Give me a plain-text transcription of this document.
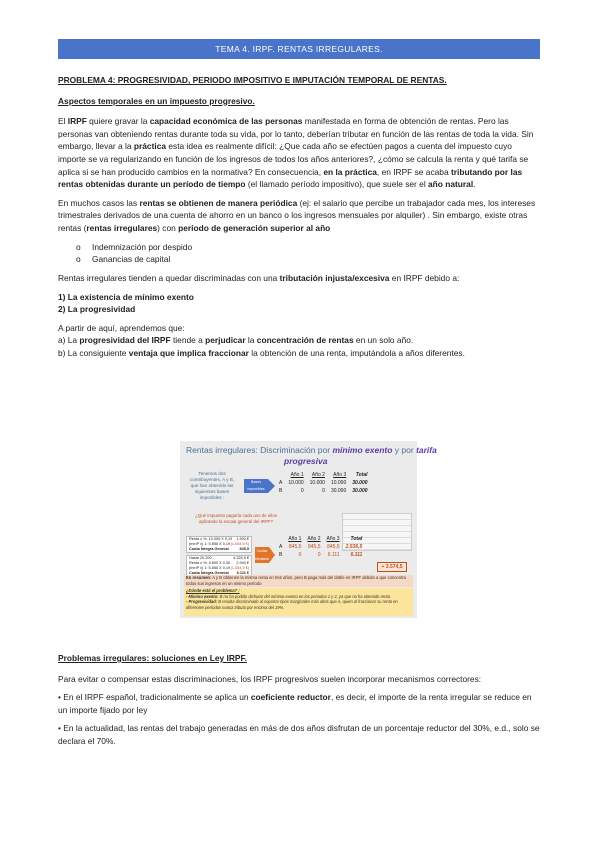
TEMA 4. IRPF. RENTAS IRREGULARES.

PROBLEMA 4: PROGRESIVIDAD, PERIODO IMPOSITIVO E IMPUTACIÓN TEMPORAL DE RENTAS.

Aspectos temporales en un impuesto progresivo.

El IRPF quiere gravar la capacidad económica de las personas manifestada en forma de obtención de rentas. Pero las personas van obteniendo rentas durante toda su vida, por lo tanto, deberían tributar en función de las rentas de toda la vida. Sin embargo, llevar a la práctica esta idea es realmente difícil: ¿Que cada año se efectúen pagos a cuenta del impuesto cuyo importe se va regularizando en función de los ingresos de todos los años anteriores?, ¿cómo se calcula la renta y qué tarifa se aplica si se han producido cambios en la normativa? En consecuencia, en la práctica, en IRPF se acaba tributando por las rentas obtenidas durante un período de tiempo (el llamado período impositivo), que suele ser el año natural.

En muchos casos las rentas se obtienen de manera periódica (ej: el salario que percibe un trabajador cada mes, los intereses trimestrales derivados de una cuenta de ahorro en un banco o los ingresos mensuales por alquiler) . Sin embargo, existe otras rentas (rentas irregulares) con período de generación superior al año

o Indemnización por despido
o Ganancias de capital

Rentas irregulares tienden a quedar discriminadas con una tributación injusta/excesiva en IRPF debido a:

1) La existencia de mínimo exento

2) La progresividad

A partir de aquí, aprendemos que:

a) La progresividad del IRPF tiende a perjudicar la concentración de rentas en un solo año.

b) La consiguiente ventaja que implica fraccionar la obtención de una renta, imputándola a años diferentes.

Rentas irregulares: Discriminación por mínimo exento y por tarifa
progresiva
Tenemos dos contribuyentes, A y B, que han obtenido las siguientes bases imponibles :
Bases imponibles
	Año 1	Año 2	Año 3	Total
A	10.000	10.000	10.000	30.000
B	0	0	30.000	30.000
¿Qué impuesto pagaría cada uno de ellos aplicando la escala general del IRPF?
Renta x %: 10.000 X 0,19 1.900 €
(mínP x) 1: 5.550 X 0,19 (1.054,5 €)
Cuota Íntegra General	845,5
Hasta 20.200	4.225,5 €
Renta x %: 9.800 X 0,30 2.940 €
(mínP x) 1: 5.550 X 0,19 (1.054,5 €)
Cuota Íntegra General 6.111 €
Cuotas tributarias
	Año 1	Año 2	Año 3	Total
A	845,5	845,5	845,5	2.536,5
B	0	0	6.111	6.111
+ 3.574,5
En resumen: A y B obtienen la misma renta en tres años, pero B paga más del doble en IRPF debido a que concentra todos sus ingresos en un mismo período
¿Dónde está el problema? :
- Mínimo exento: B no ha podido disfrutar del mínimo exento en los periodos 1 y 2, ya que no ha obtenido renta.
- Progresividad: B resulta discriminado al soportar tipos marginales más altos que A, quien al fraccionar su renta en diferentes períodos nunca tributa por encima del 19%.

Problemas irregulares: soluciones en Ley IRPF.

Para evitar o compensar estas discriminaciones, los IRPF progresivos suelen incorporar mecanismos correctores:

• En el IRPF español, tradicionalmente se aplica un coeficiente reductor, es decir, el importe de la renta irregular se reduce en un importe fijado por ley

• En la actualidad, las rentas del trabajo generadas en más de dos años disfrutan de un porcentaje reductor del 30%, e.d., solo se declara el 70%.
